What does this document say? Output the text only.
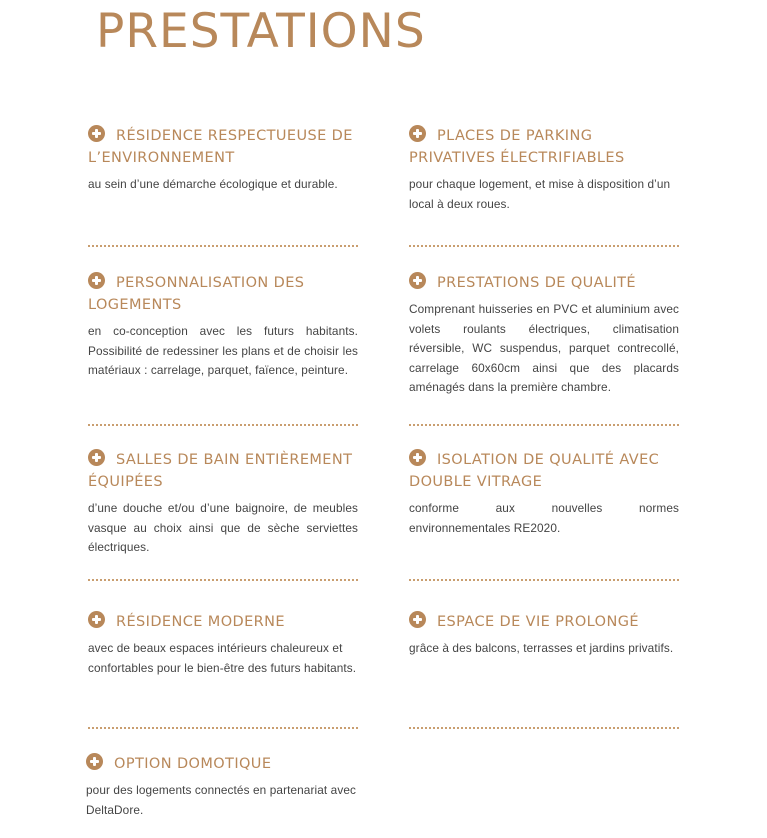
PRESTATIONS
RÉSIDENCE RESPECTUEUSE DE L’ENVIRONNEMENT

au sein d’une démarche écologique et durable.

PLACES DE PARKING PRIVATIVES ÉLECTRIFIABLES

pour chaque logement, et mise à disposition d’un local à deux roues.

PERSONNALISATION DES LOGEMENTS

en co-conception avec les futurs habitants. Possibilité de redessiner les plans et de choisir les matériaux : carrelage, parquet, faïence, peinture.

PRESTATIONS DE QUALITÉ

Comprenant huisseries en PVC et aluminium avec volets roulants électriques, climatisation réversible, WC suspendus, parquet contrecollé, carrelage 60x60cm ainsi que des placards aménagés dans la première chambre.

SALLES DE BAIN ENTIÈREMENT ÉQUIPÉES

d’une douche et/ou d’une baignoire, de meubles vasque au choix ainsi que de sèche serviettes électriques.

ISOLATION DE QUALITÉ AVEC DOUBLE VITRAGE

conforme aux nouvelles normes environnementales RE2020.

RÉSIDENCE MODERNE

avec de beaux espaces intérieurs chaleureux et confortables pour le bien-être des futurs habitants.

ESPACE DE VIE PROLONGÉ

grâce à des balcons, terrasses et jardins privatifs.

OPTION DOMOTIQUE

pour des logements connectés en partenariat avec DeltaDore.
